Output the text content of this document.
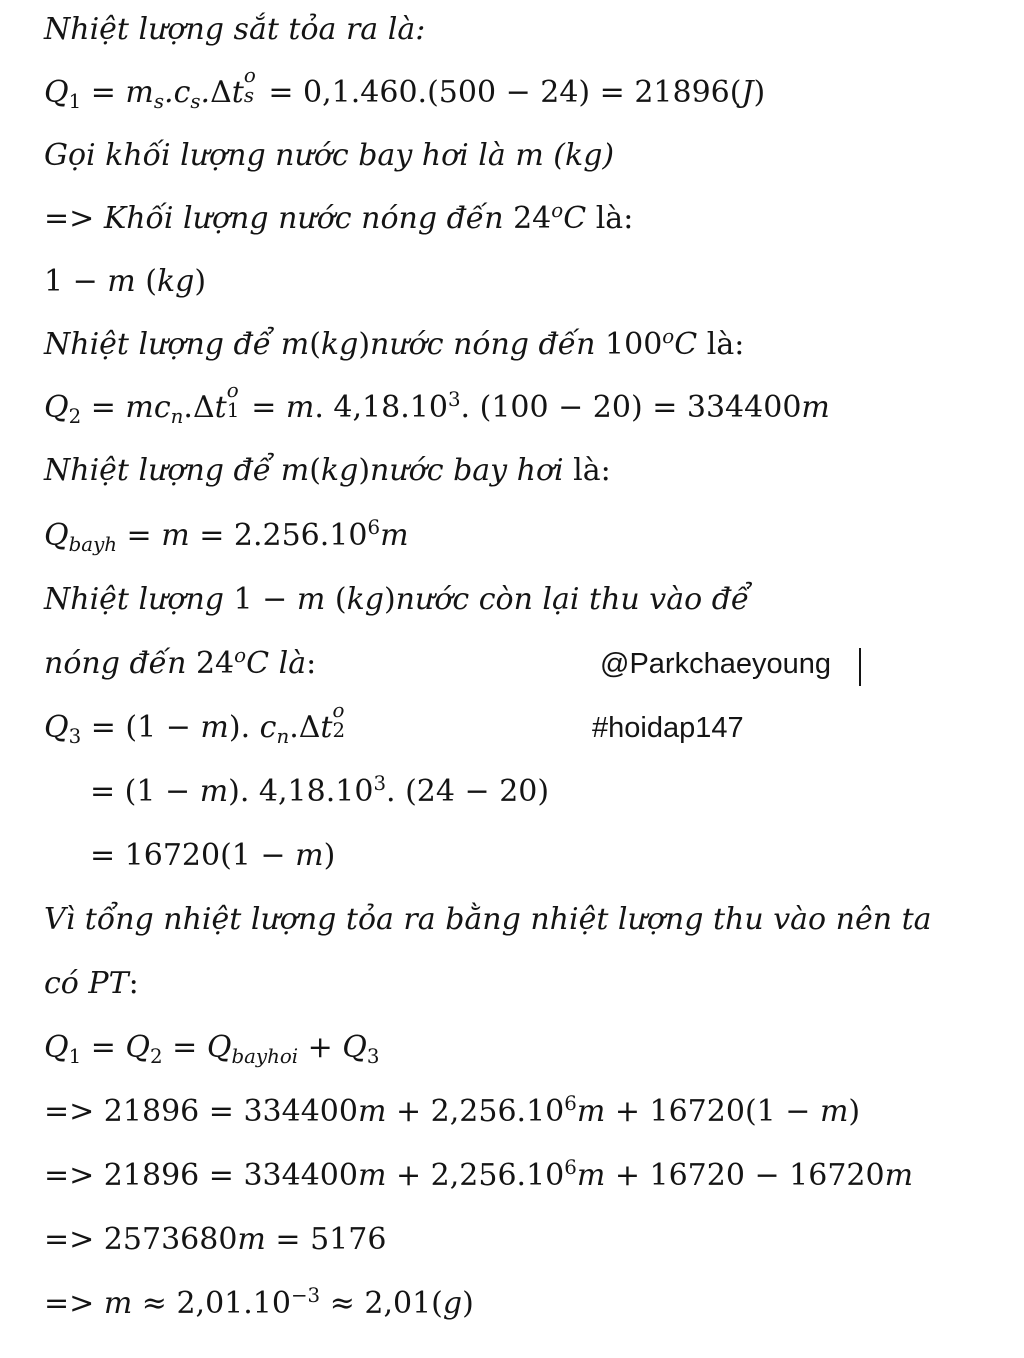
Nhiệt lượng sắt tỏa ra là:
$Q_1 = m_s.c_s.\Delta t$ o
s = 0,1.460.(500 − 24) = 21896(J)
Gọi khối lượng nước bay hơi là m (kg)
=> Khối lượng nước nóng đến 24$^o$C là:
1 − m (kg)
Nhiệt lượng để m(kg)nước nóng đến 100$^o$C là:
$Q_2 = mc_n.\Delta t$ o
1 = m. 4,18.10$^3$. (100 − 20) = 334400m
Nhiệt lượng để m(kg)nước bay hơi là:
$Q_{bayh} = m = 2.256.10^6m$
Nhiệt lượng 1 − m (kg)nước còn lại thu vào để
nóng đến 24$^o$C là:
$Q_3 = (1 - m)$. $c_n.\Delta t$ o
2
= (1 − m). 4,18.10$^3$. (24 − 20)
= 16720(1 − m)
Vì tổng nhiệt lượng tỏa ra bằng nhiệt lượng thu vào nên ta
có PT:
$Q_1 = Q_2 = Q_{bayhoi} + Q_3$
=> $21896 = 334400m + 2,256.10^6m + 16720(1 - m)$
=> $21896 = 334400m + 2,256.10^6m + 16720 - 16720m$
=> 2573680m = 5176
=> $m \approx 2,01.10^{-3} \approx 2,01(g)$
@Parkchaeyoung
#hoidap147
